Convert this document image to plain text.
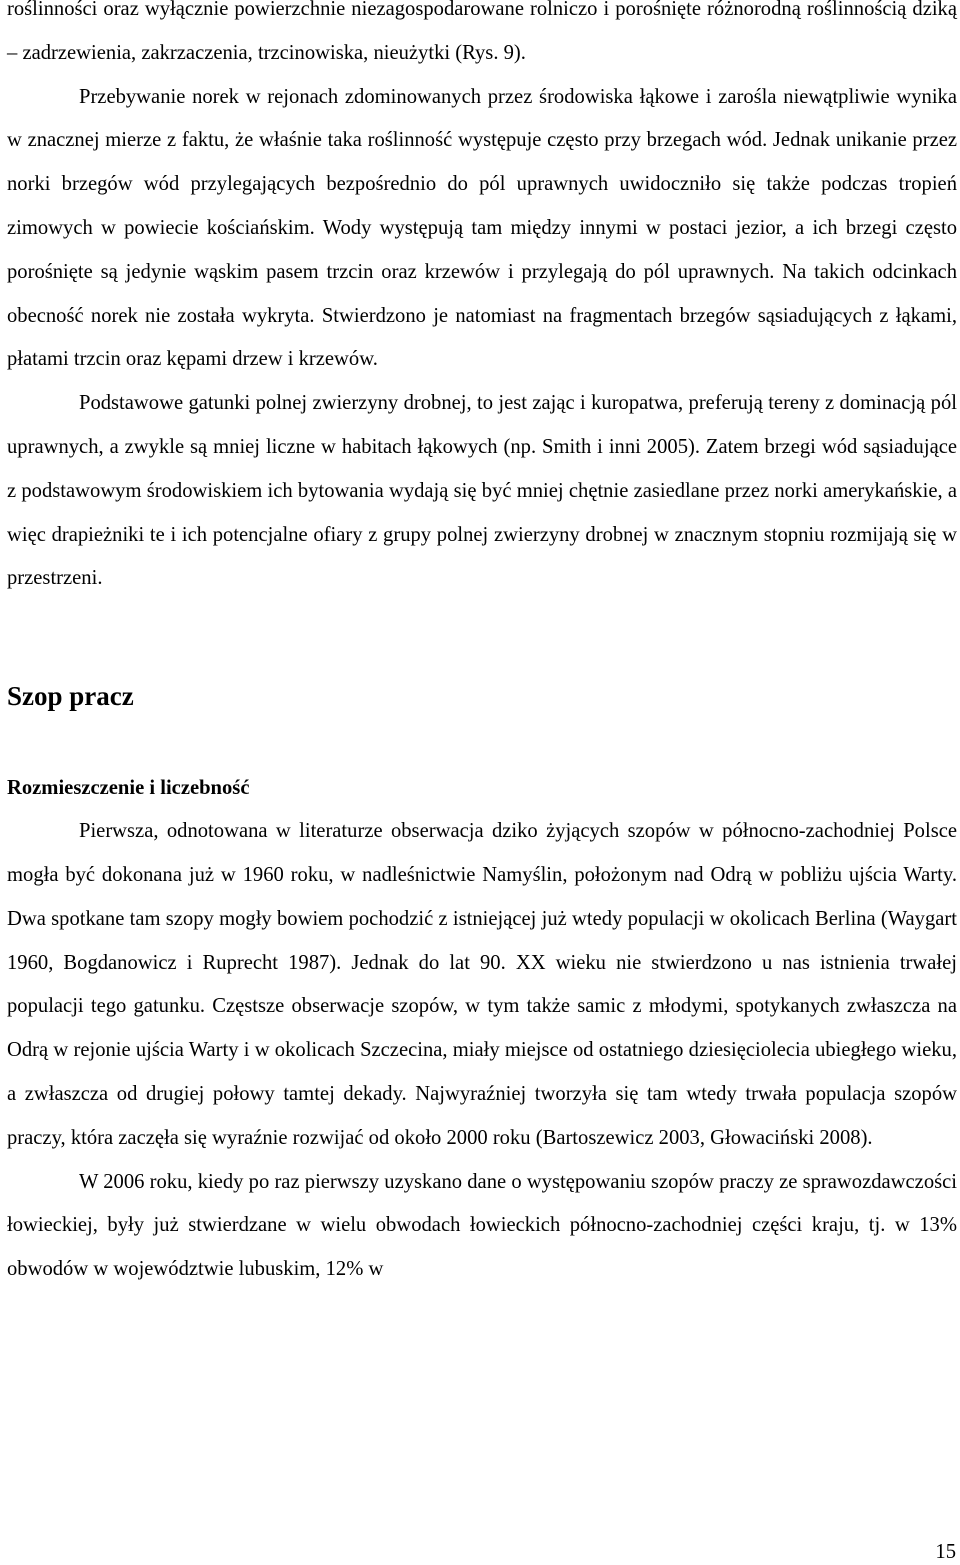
roślinności oraz wyłącznie powierzchnie niezagospodarowane rolniczo i porośnięte różnorodną roślinnością dziką – zadrzewienia, zakrzaczenia, trzcinowiska, nieużytki (Rys. 9).

Przebywanie norek w rejonach zdominowanych przez środowiska łąkowe i zarośla niewątpliwie wynika w znacznej mierze z faktu, że właśnie taka roślinność występuje często przy brzegach wód. Jednak unikanie przez norki brzegów wód przylegających bezpośrednio do pól uprawnych uwidoczniło się także podczas tropień zimowych w powiecie kościańskim. Wody występują tam między innymi w postaci jezior, a ich brzegi często porośnięte są jedynie wąskim pasem trzcin oraz krzewów i przylegają do pól uprawnych. Na takich odcinkach obecność norek nie została wykryta. Stwierdzono je natomiast na fragmentach brzegów sąsiadujących z łąkami, płatami trzcin oraz kępami drzew i krzewów.

Podstawowe gatunki polnej zwierzyny drobnej, to jest zając i kuropatwa, preferują tereny z dominacją pól uprawnych, a zwykle są mniej liczne w habitach łąkowych (np. Smith i inni 2005). Zatem brzegi wód sąsiadujące z podstawowym środowiskiem ich bytowania wydają się być mniej chętnie zasiedlane przez norki amerykańskie, a więc drapieżniki te i ich potencjalne ofiary z grupy polnej zwierzyny drobnej w znacznym stopniu rozmijają się w przestrzeni.

Szop pracz
Rozmieszczenie i liczebność

Pierwsza, odnotowana w literaturze obserwacja dziko żyjących szopów w północno-zachodniej Polsce mogła być dokonana już w 1960 roku, w nadleśnictwie Namyślin, położonym nad Odrą w pobliżu ujścia Warty. Dwa spotkane tam szopy mogły bowiem pochodzić z istniejącej już wtedy populacji w okolicach Berlina (Waygart 1960, Bogdanowicz i Ruprecht 1987). Jednak do lat 90. XX wieku nie stwierdzono u nas istnienia trwałej populacji tego gatunku. Częstsze obserwacje szopów, w tym także samic z młodymi, spotykanych zwłaszcza na Odrą w rejonie ujścia Warty i w okolicach Szczecina, miały miejsce od ostatniego dziesięciolecia ubiegłego wieku, a zwłaszcza od drugiej połowy tamtej dekady. Najwyraźniej tworzyła się tam wtedy trwała populacja szopów praczy, która zaczęła się wyraźnie rozwijać od około 2000 roku (Bartoszewicz 2003, Głowaciński 2008).

W 2006 roku, kiedy po raz pierwszy uzyskano dane o występowaniu szopów praczy ze sprawozdawczości łowieckiej, były już stwierdzane w wielu obwodach łowieckich północno-zachodniej części kraju, tj. w 13% obwodów w województwie lubuskim, 12% w

15
